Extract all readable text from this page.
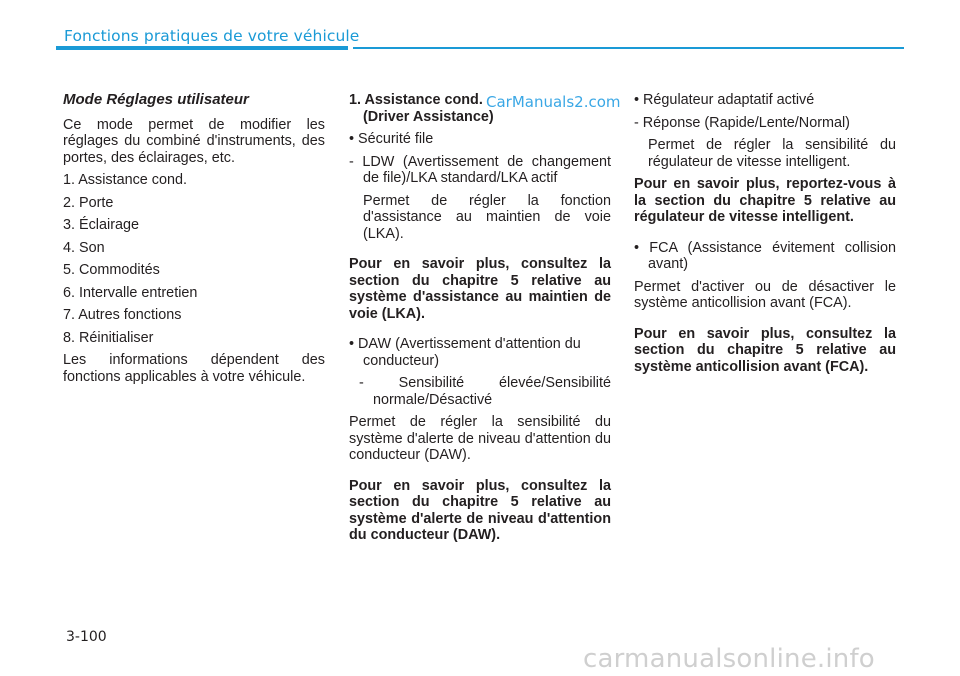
Fonctions pratiques de votre véhicule

Mode Réglages utilisateur

Ce mode permet de modifier les réglages du combiné d'instruments, des portes, des éclairages, etc.

1. Assistance cond.

2. Porte

3. Éclairage

4. Son

5. Commodités

6. Intervalle entretien

7. Autres fonctions

8. Réinitialiser

Les informations dépendent des fonctions applicables à votre véhicule.

1. Assistance cond.

(Driver Assistance)

• Sécurité file

- LDW (Avertissement de changement de file)/LKA standard/LKA actif

Permet de régler la fonction d'assistance au maintien de voie (LKA).

Pour en savoir plus, consultez la section du chapitre 5 relative au système d'assistance au maintien de voie (LKA).

• DAW (Avertissement d'attention du conducteur)

- Sensibilité élevée/Sensibilité normale/Désactivé

Permet de régler la sensibilité du système d'alerte de niveau d'attention du conducteur (DAW).

Pour en savoir plus, consultez la section du chapitre 5 relative au système d'alerte de niveau d'attention du conducteur (DAW).

• Régulateur adaptatif activé

- Réponse (Rapide/Lente/Normal)

Permet de régler la sensibilité du régulateur de vitesse intelligent.

Pour en savoir plus, reportez-vous à la section du chapitre 5 relative au régulateur de vitesse intelligent.

• FCA (Assistance évitement collision avant)

Permet d'activer ou de désactiver le système anticollision avant (FCA).

Pour en savoir plus, consultez la section du chapitre 5 relative au système anticollision avant (FCA).

CarManuals2.com
3-100
carmanualsonline.info
